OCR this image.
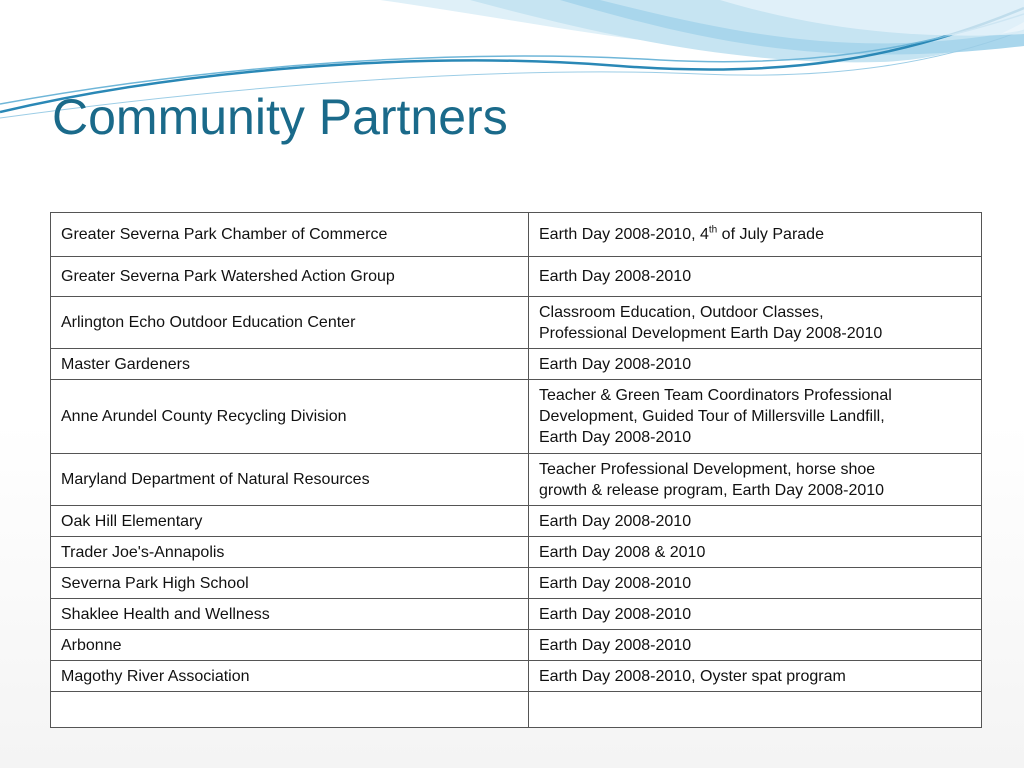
Community Partners
Greater Severna Park Chamber of Commerce	Earth Day 2008-2010, 4th of July Parade
Greater Severna Park Watershed Action Group	Earth Day 2008-2010
Arlington Echo Outdoor Education Center	Classroom Education, Outdoor Classes,
Professional Development Earth Day 2008-2010

Master Gardeners	Earth Day 2008-2010
Anne Arundel County Recycling Division	Teacher & Green Team Coordinators Professional
Development, Guided Tour of Millersville Landfill,
Earth Day 2008-2010

Maryland Department of Natural Resources	Teacher Professional Development, horse shoe
growth & release program, Earth Day 2008-2010

Oak Hill Elementary	Earth Day 2008-2010
Trader Joe's-Annapolis	Earth Day 2008 & 2010
Severna Park High School	Earth Day 2008-2010
Shaklee Health and Wellness	Earth Day 2008-2010
Arbonne	Earth Day 2008-2010
Magothy River Association	Earth Day 2008-2010, Oyster spat program
